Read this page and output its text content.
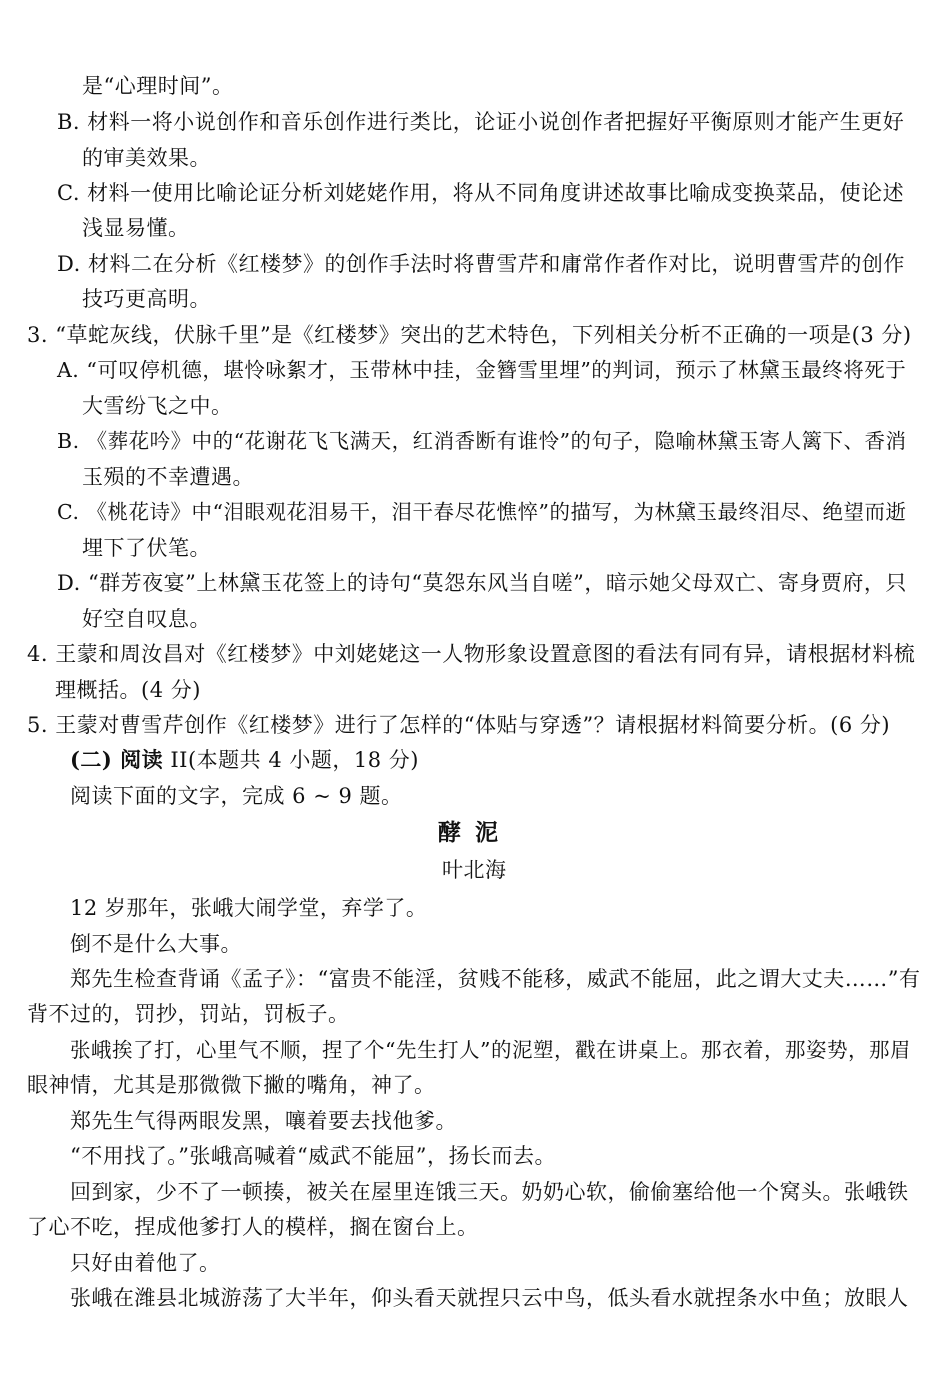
是“心理时间”。
B. 材料一将小说创作和音乐创作进行类比，论证小说创作者把握好平衡原则才能产生更好
的审美效果。
C. 材料一使用比喻论证分析刘姥姥作用，将从不同角度讲述故事比喻成变换菜品，使论述
浅显易懂。
D. 材料二在分析《红楼梦》的创作手法时将曹雪芹和庸常作者作对比，说明曹雪芹的创作
技巧更高明。
3. “草蛇灰线，伏脉千里”是《红楼梦》突出的艺术特色，下列相关分析不正确的一项是(3 分)
A. “可叹停机德，堪怜咏絮才，玉带林中挂，金簪雪里埋”的判词，预示了林黛玉最终将死于
大雪纷飞之中。
B. 《葬花吟》中的“花谢花飞飞满天，红消香断有谁怜”的句子，隐喻林黛玉寄人篱下、香消
玉殒的不幸遭遇。
C. 《桃花诗》中“泪眼观花泪易干，泪干春尽花憔悴”的描写，为林黛玉最终泪尽、绝望而逝
埋下了伏笔。
D. “群芳夜宴”上林黛玉花签上的诗句“莫怨东风当自嗟”，暗示她父母双亡、寄身贾府，只
好空自叹息。
4. 王蒙和周汝昌对《红楼梦》中刘姥姥这一人物形象设置意图的看法有同有异，请根据材料梳
理概括。(4 分)
5. 王蒙对曹雪芹创作《红楼梦》进行了怎样的“体贴与穿透”？请根据材料简要分析。(6 分)
(二) 阅读 II(本题共 4 小题，18 分)
阅读下面的文字，完成 6 ~ 9 题。
酵泥
叶北海
12 岁那年，张峨大闹学堂，弃学了。
倒不是什么大事。
郑先生检查背诵《孟子》：“富贵不能淫，贫贱不能移，威武不能屈，此之谓大丈夫……”有
背不过的，罚抄，罚站，罚板子。
张峨挨了打，心里气不顺，捏了个“先生打人”的泥塑，戳在讲桌上。那衣着，那姿势，那眉
眼神情，尤其是那微微下撇的嘴角，神了。
郑先生气得两眼发黑，嚷着要去找他爹。
“不用找了。”张峨高喊着“威武不能屈”，扬长而去。
回到家，少不了一顿揍，被关在屋里连饿三天。奶奶心软，偷偷塞给他一个窝头。张峨铁
了心不吃，捏成他爹打人的模样，搁在窗台上。
只好由着他了。
张峨在潍县北城游荡了大半年，仰头看天就捏只云中鸟，低头看水就捏条水中鱼；放眼人
